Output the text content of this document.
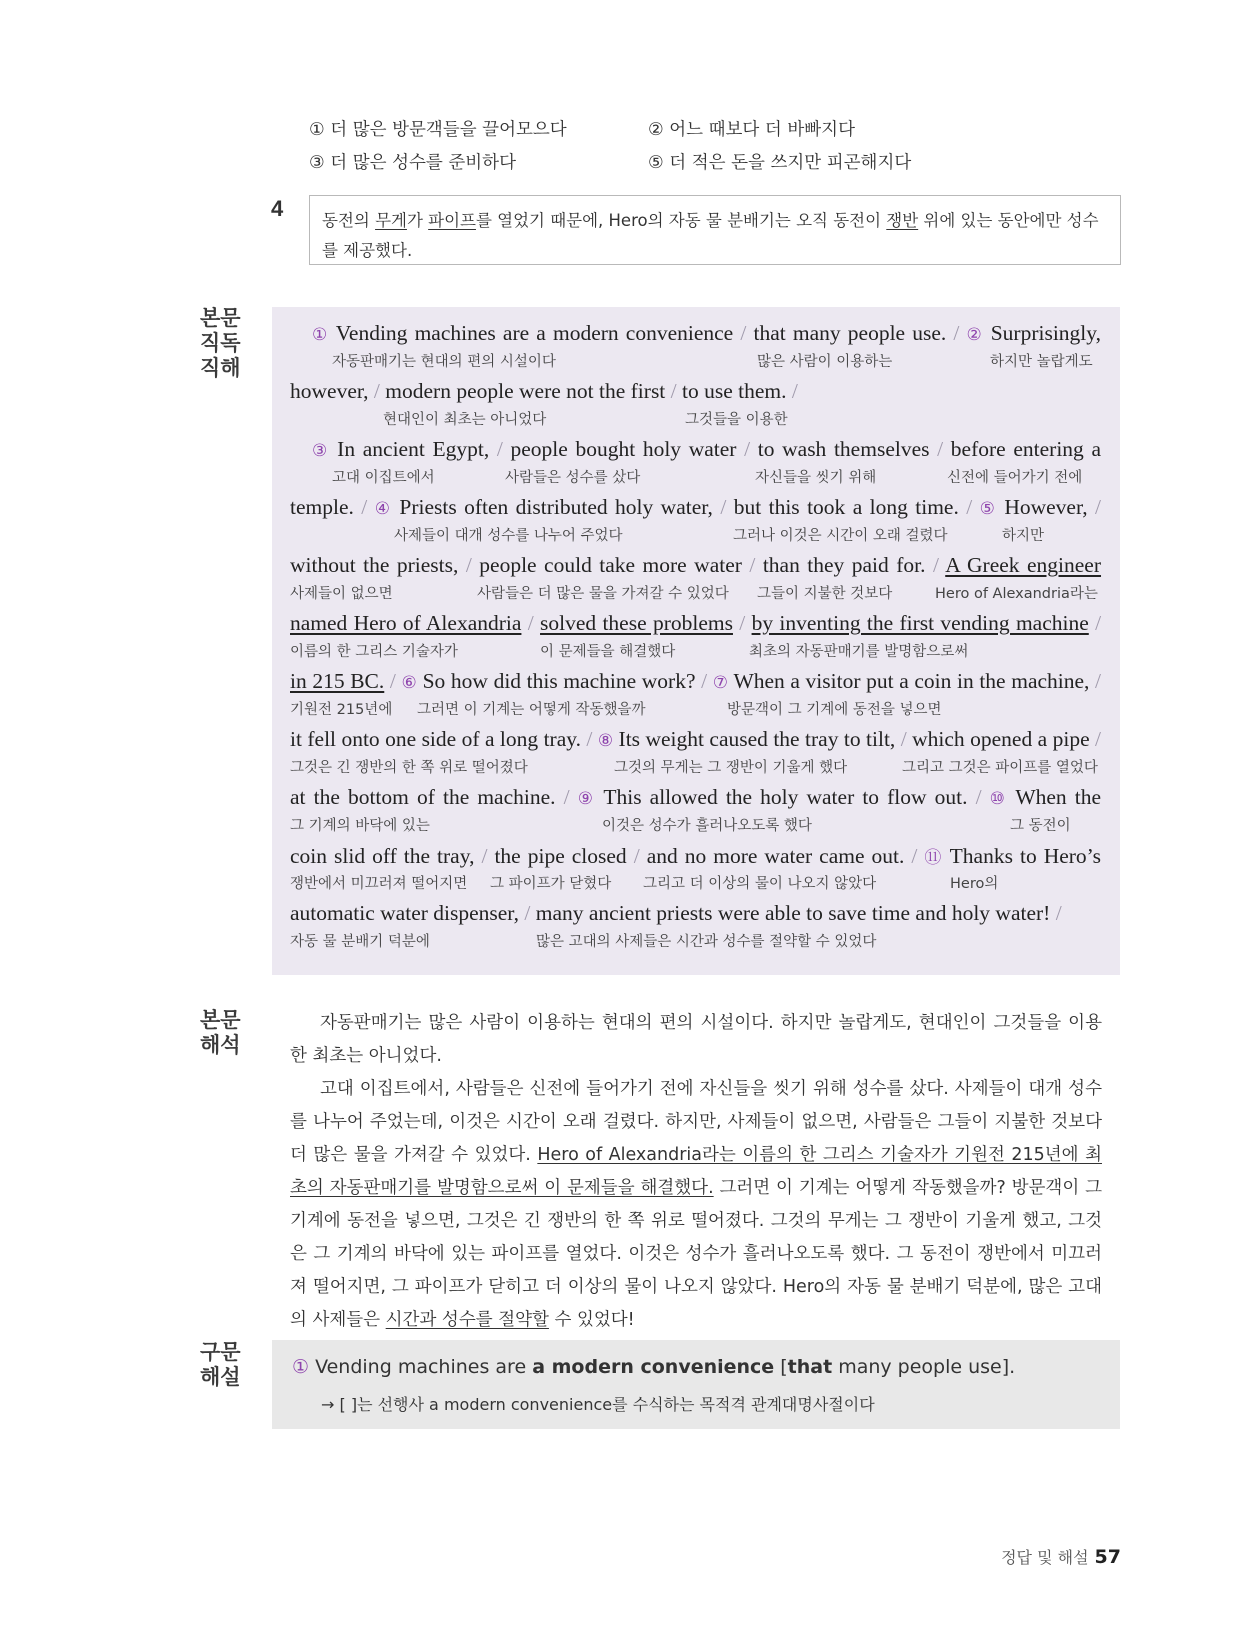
① 더 많은 방문객들을 끌어모으다	② 어느 때보다 더 바빠지다
③ 더 많은 성수를 준비하다	⑤ 더 적은 돈을 쓰지만 피곤해지다
4	동전의 무게가 파이프를 열었기 때문에, Hero의 자동 물 분배기는 오직 동전이 쟁반 위에 있는 동안에만 성수를 제공했다.
본문
직독
직해
① Vending machines are a modern convenience / that many people use. / ② Surprisingly,
자동판매기는 현대의 편의 시설이다	많은 사람이 이용하는	하지만 놀랍게도
however, / modern people were not the first / to use them. /
현대인이 최초는 아니었다	그것들을 이용한
③ In ancient Egypt, / people bought holy water / to wash themselves / before entering a
고대 이집트에서	사람들은 성수를 샀다	자신들을 씻기 위해	신전에 들어가기 전에
temple. / ④ Priests often distributed holy water, / but this took a long time. / ⑤ However, /
사제들이 대개 성수를 나누어 주었다	그러나 이것은 시간이 오래 걸렸다	하지만
without the priests, / people could take more water / than they paid for. / A Greek engineer
사제들이 없으면	사람들은 더 많은 물을 가져갈 수 있었다 그들이 지불한 것보다	Hero of Alexandria라는
named Hero of Alexandria / solved these problems / by inventing the first vending machine /
이름의 한 그리스 기술자가	이 문제들을 해결했다	최초의 자동판매기를 발명함으로써
in 215 BC. / ⑥ So how did this machine work? / ⑦ When a visitor put a coin in the machine, /
기원전 215년에 그러면 이 기계는 어떻게 작동했을까	방문객이 그 기계에 동전을 넣으면
it fell onto one side of a long tray. / ⑧ Its weight caused the tray to tilt, / which opened a pipe /
그것은 긴 쟁반의 한 쪽 위로 떨어졌다	그것의 무게는 그 쟁반이 기울게 했다	그리고 그것은 파이프를 열었다
at the bottom of the machine. / ⑨ This allowed the holy water to flow out. / ⑩ When the
그 기계의 바닥에 있는	이것은 성수가 흘러나오도록 했다	그 동전이
coin slid off the tray, / the pipe closed / and no more water came out. / ⑪ Thanks to Hero’s
쟁반에서 미끄러져 떨어지면 그 파이프가 닫혔다 그리고 더 이상의 물이 나오지 않았다	Hero의
automatic water dispenser, / many ancient priests were able to save time and holy water! /
자동 물 분배기 덕분에	많은 고대의 사제들은 시간과 성수를 절약할 수 있었다
본문
해석

자동판매기는 많은 사람이 이용하는 현대의 편의 시설이다. 하지만 놀랍게도, 현대인이 그것들을 이용한 최초는 아니었다.

고대 이집트에서, 사람들은 신전에 들어가기 전에 자신들을 씻기 위해 성수를 샀다. 사제들이 대개 성수를 나누어 주었는데, 이것은 시간이 오래 걸렸다. 하지만, 사제들이 없으면, 사람들은 그들이 지불한 것보다 더 많은 물을 가져갈 수 있었다. Hero of Alexandria라는 이름의 한 그리스 기술자가 기원전 215년에 최초의 자동판매기를 발명함으로써 이 문제들을 해결했다. 그러면 이 기계는 어떻게 작동했을까? 방문객이 그 기계에 동전을 넣으면, 그것은 긴 쟁반의 한 쪽 위로 떨어졌다. 그것의 무게는 그 쟁반이 기울게 했고, 그것은 그 기계의 바닥에 있는 파이프를 열었다. 이것은 성수가 흘러나오도록 했다. 그 동전이 쟁반에서 미끄러져 떨어지면, 그 파이프가 닫히고 더 이상의 물이 나오지 않았다. Hero의 자동 물 분배기 덕분에, 많은 고대의 사제들은 시간과 성수를 절약할 수 있었다!

구문
해설	① Vending machines are a modern convenience [that many people use].
→ [ ]는 선행사 a modern convenience를 수식하는 목적격 관계대명사절이다
정답 및 해설 57
